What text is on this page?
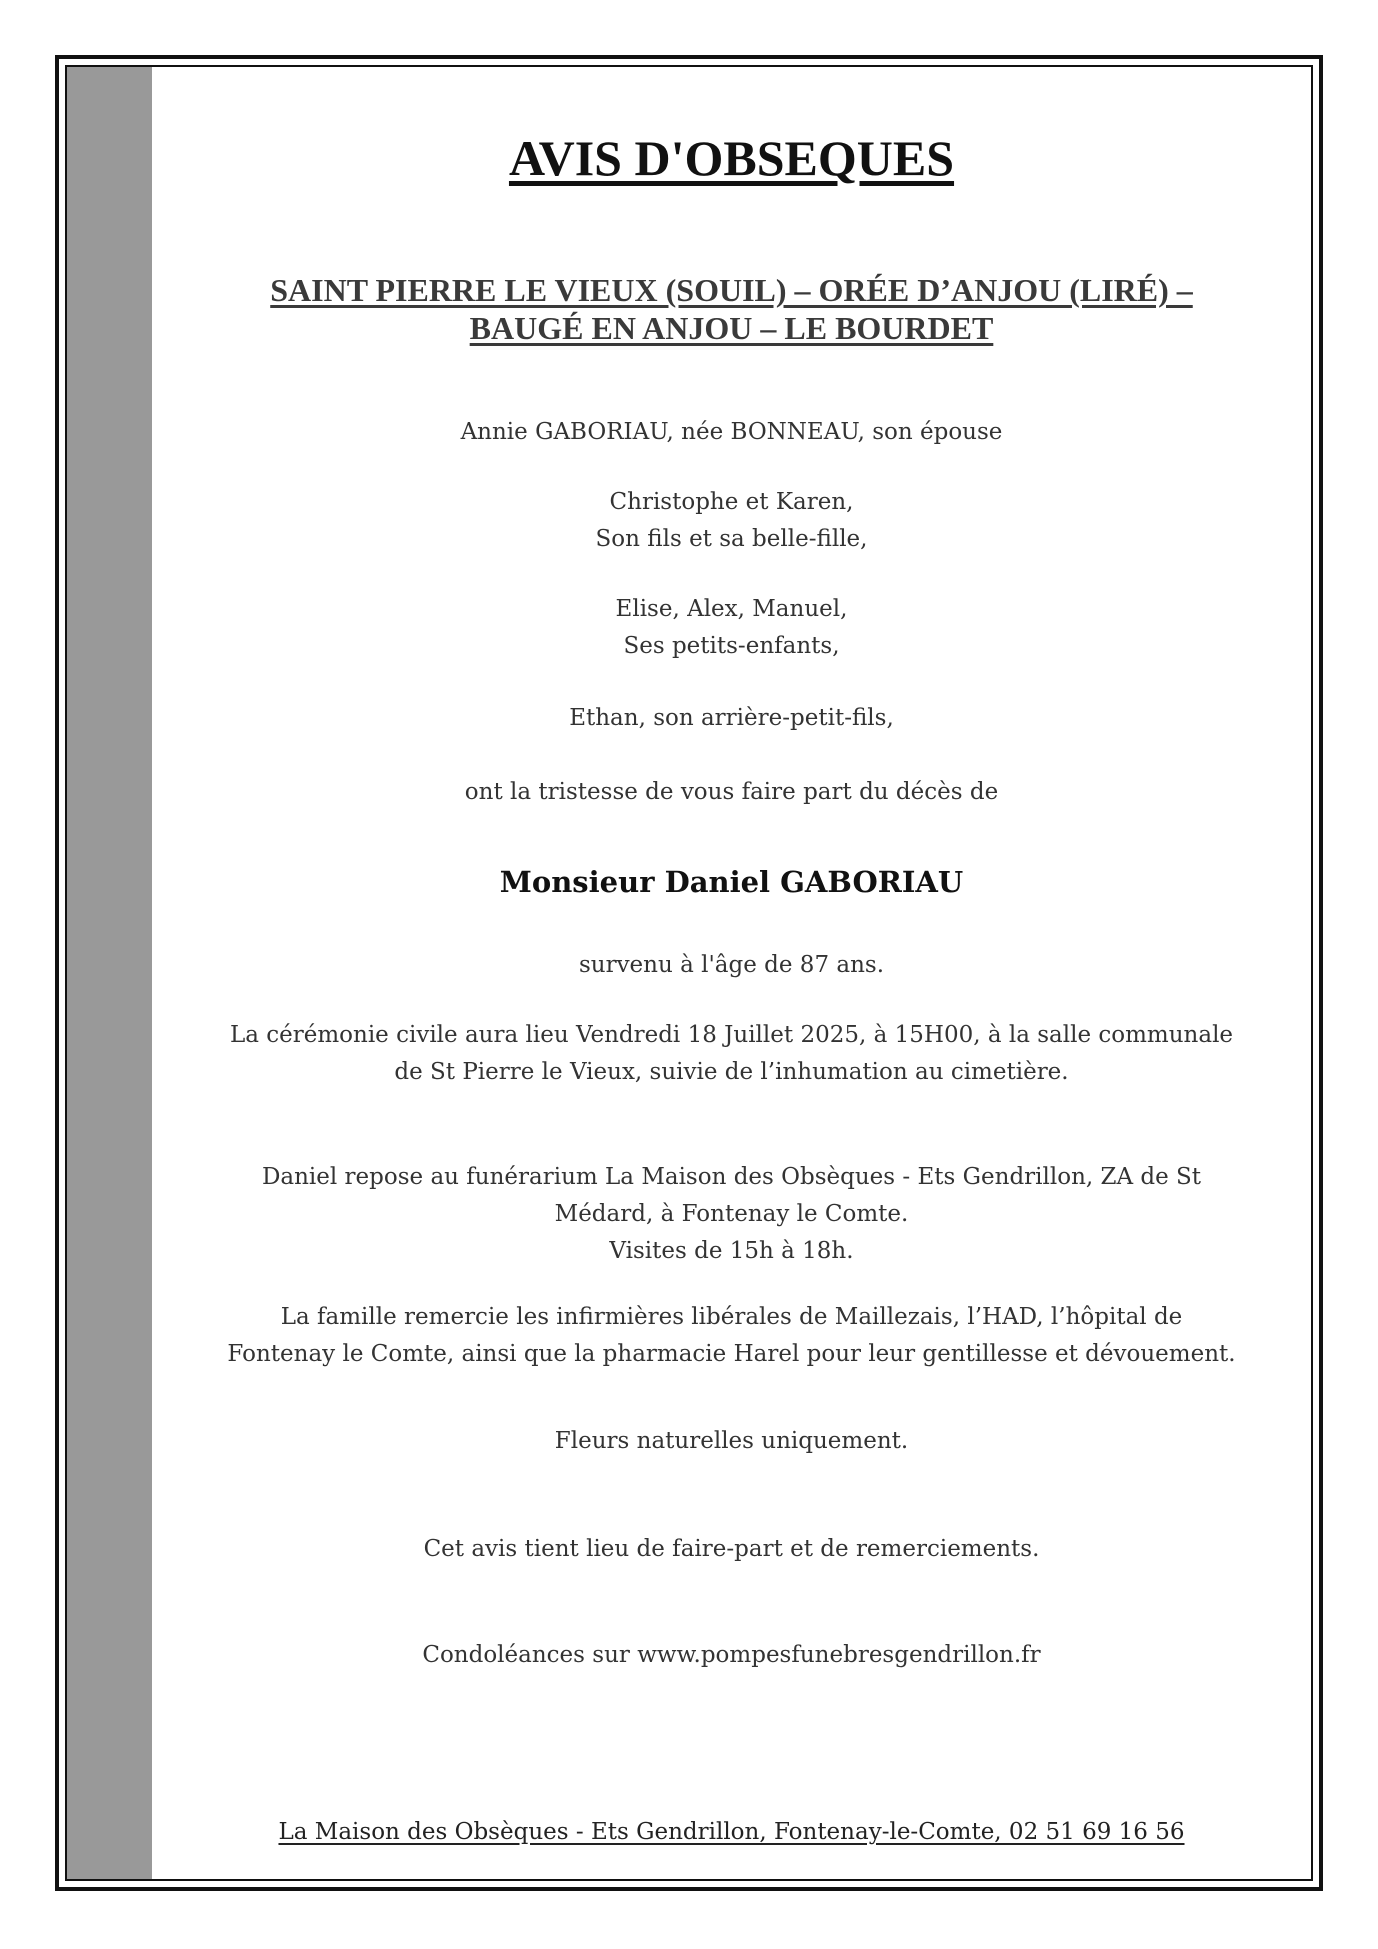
AVIS D'OBSEQUES
SAINT PIERRE LE VIEUX (SOUIL) – ORÉE D’ANJOU (LIRÉ) –
BAUGÉ EN ANJOU – LE BOURDET
Annie GABORIAU, née BONNEAU, son épouse
Christophe et Karen,
Son fils et sa belle-fille,
Elise, Alex, Manuel,
Ses petits-enfants,
Ethan, son arrière-petit-fils,
ont la tristesse de vous faire part du décès de
Monsieur Daniel GABORIAU
survenu à l'âge de 87 ans.
La cérémonie civile aura lieu Vendredi 18 Juillet 2025, à 15H00, à la salle communale
de St Pierre le Vieux, suivie de l’inhumation au cimetière.
Daniel repose au funérarium La Maison des Obsèques - Ets Gendrillon, ZA de St
Médard, à Fontenay le Comte.
Visites de 15h à 18h.
La famille remercie les infirmières libérales de Maillezais, l’HAD, l’hôpital de
Fontenay le Comte, ainsi que la pharmacie Harel pour leur gentillesse et dévouement.
Fleurs naturelles uniquement.
Cet avis tient lieu de faire-part et de remerciements.
Condoléances sur www.pompesfunebresgendrillon.fr
La Maison des Obsèques - Ets Gendrillon, Fontenay-le-Comte, 02 51 69 16 56
